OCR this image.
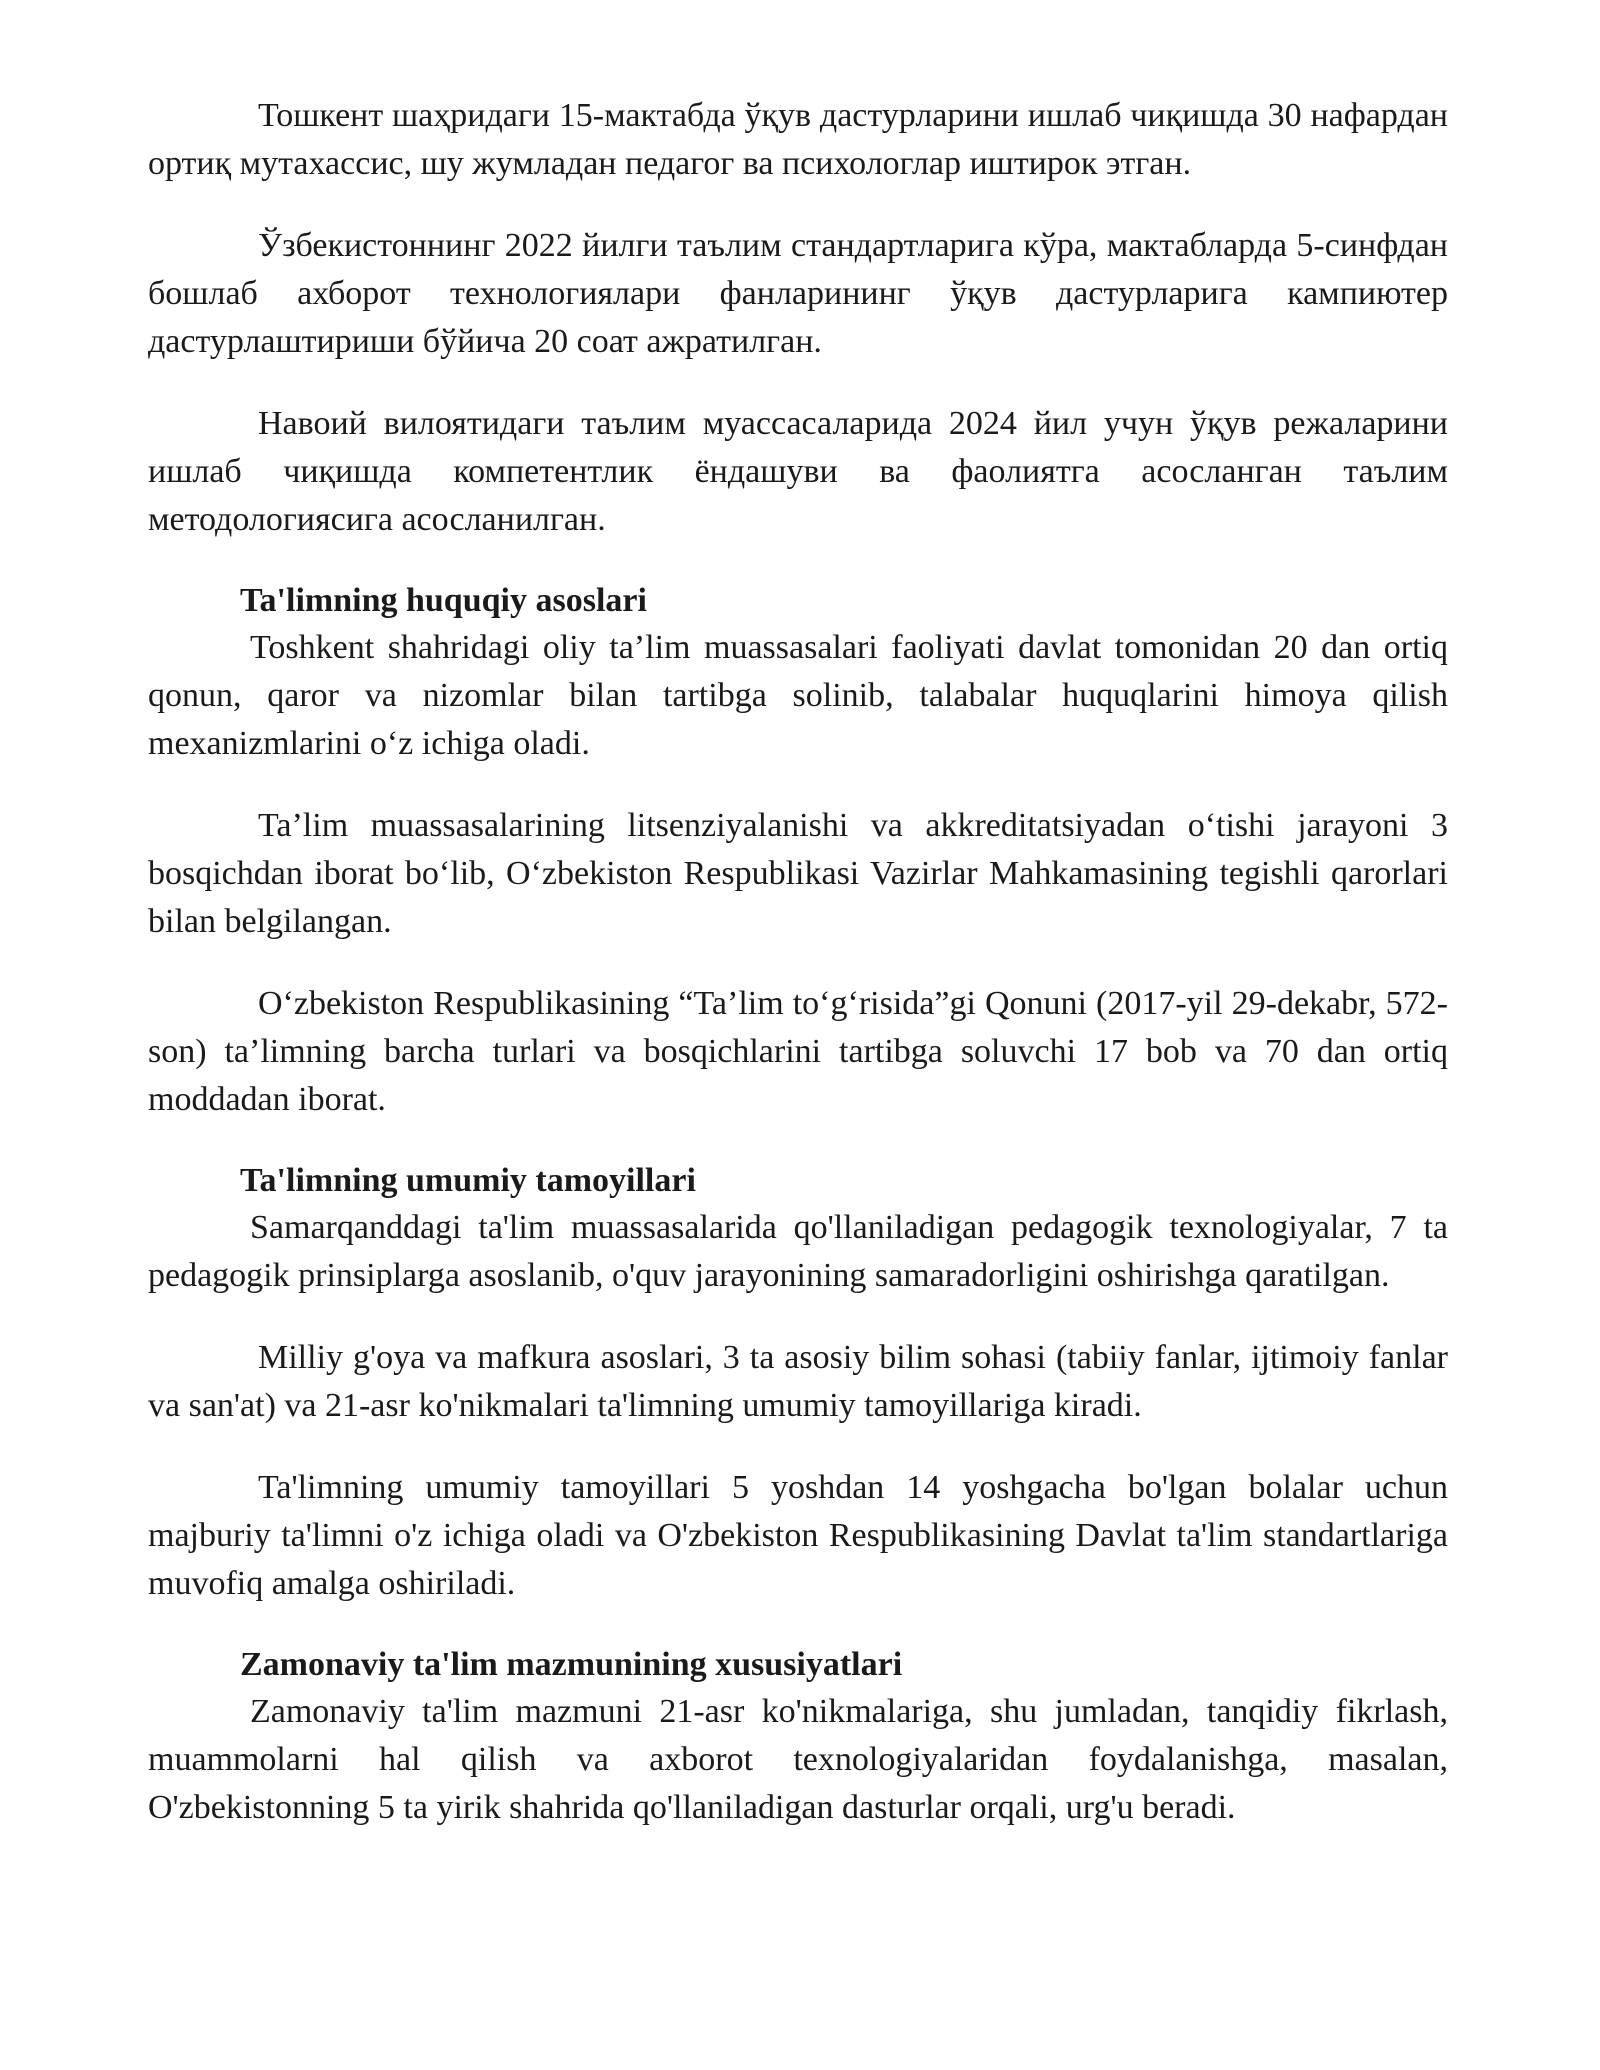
Тошкент шаҳридаги 15-мактабда ўқув дастурларини ишлаб чиқишда 30 нафардан ортиқ мутахассис, шу жумладан педагог ва психологлар иштирок этган.

Ўзбекистоннинг 2022 йилги таълим стандартларига кўра, мактабларда 5-синфдан бошлаб ахборот технологиялари фанларининг ўқув дастурларига кампиютер дастурлаштириши бўйича 20 соат ажратилган.

Навоий вилоятидаги таълим муассасаларида 2024 йил учун ўқув режаларини ишлаб чиқишда компетентлик ёндашуви ва фаолиятга асосланган таълим методологиясига асосланилган.

Ta'limning huquqiy asoslari

Toshkent shahridagi oliy ta’lim muassasalari faoliyati davlat tomonidan 20 dan ortiq qonun, qaror va nizomlar bilan tartibga solinib, talabalar huquqlarini himoya qilish mexanizmlarini o‘z ichiga oladi.

Ta’lim muassasalarining litsenziyalanishi va akkreditatsiyadan o‘tishi jarayoni 3 bosqichdan iborat bo‘lib, O‘zbekiston Respublikasi Vazirlar Mahkamasining tegishli qarorlari bilan belgilangan.

O‘zbekiston Respublikasining “Ta’lim to‘g‘risida”gi Qonuni (2017-yil 29-dekabr, 572-son) ta’limning barcha turlari va bosqichlarini tartibga soluvchi 17 bob va 70 dan ortiq moddadan iborat.

Ta'limning umumiy tamoyillari

Samarqanddagi ta'lim muassasalarida qo'llaniladigan pedagogik texnologiyalar, 7 ta pedagogik prinsiplarga asoslanib, o'quv jarayonining samaradorligini oshirishga qaratilgan.

Milliy g'oya va mafkura asoslari, 3 ta asosiy bilim sohasi (tabiiy fanlar, ijtimoiy fanlar va san'at) va 21-asr ko'nikmalari ta'limning umumiy tamoyillariga kiradi.

Ta'limning umumiy tamoyillari 5 yoshdan 14 yoshgacha bo'lgan bolalar uchun majburiy ta'limni o'z ichiga oladi va O'zbekiston Respublikasining Davlat ta'lim standartlariga muvofiq amalga oshiriladi.

Zamonaviy ta'lim mazmunining xususiyatlari

Zamonaviy ta'lim mazmuni 21-asr ko'nikmalariga, shu jumladan, tanqidiy fikrlash, muammolarni hal qilish va axborot texnologiyalaridan foydalanishga, masalan, O'zbekistonning 5 ta yirik shahrida qo'llaniladigan dasturlar orqali, urg'u beradi.
